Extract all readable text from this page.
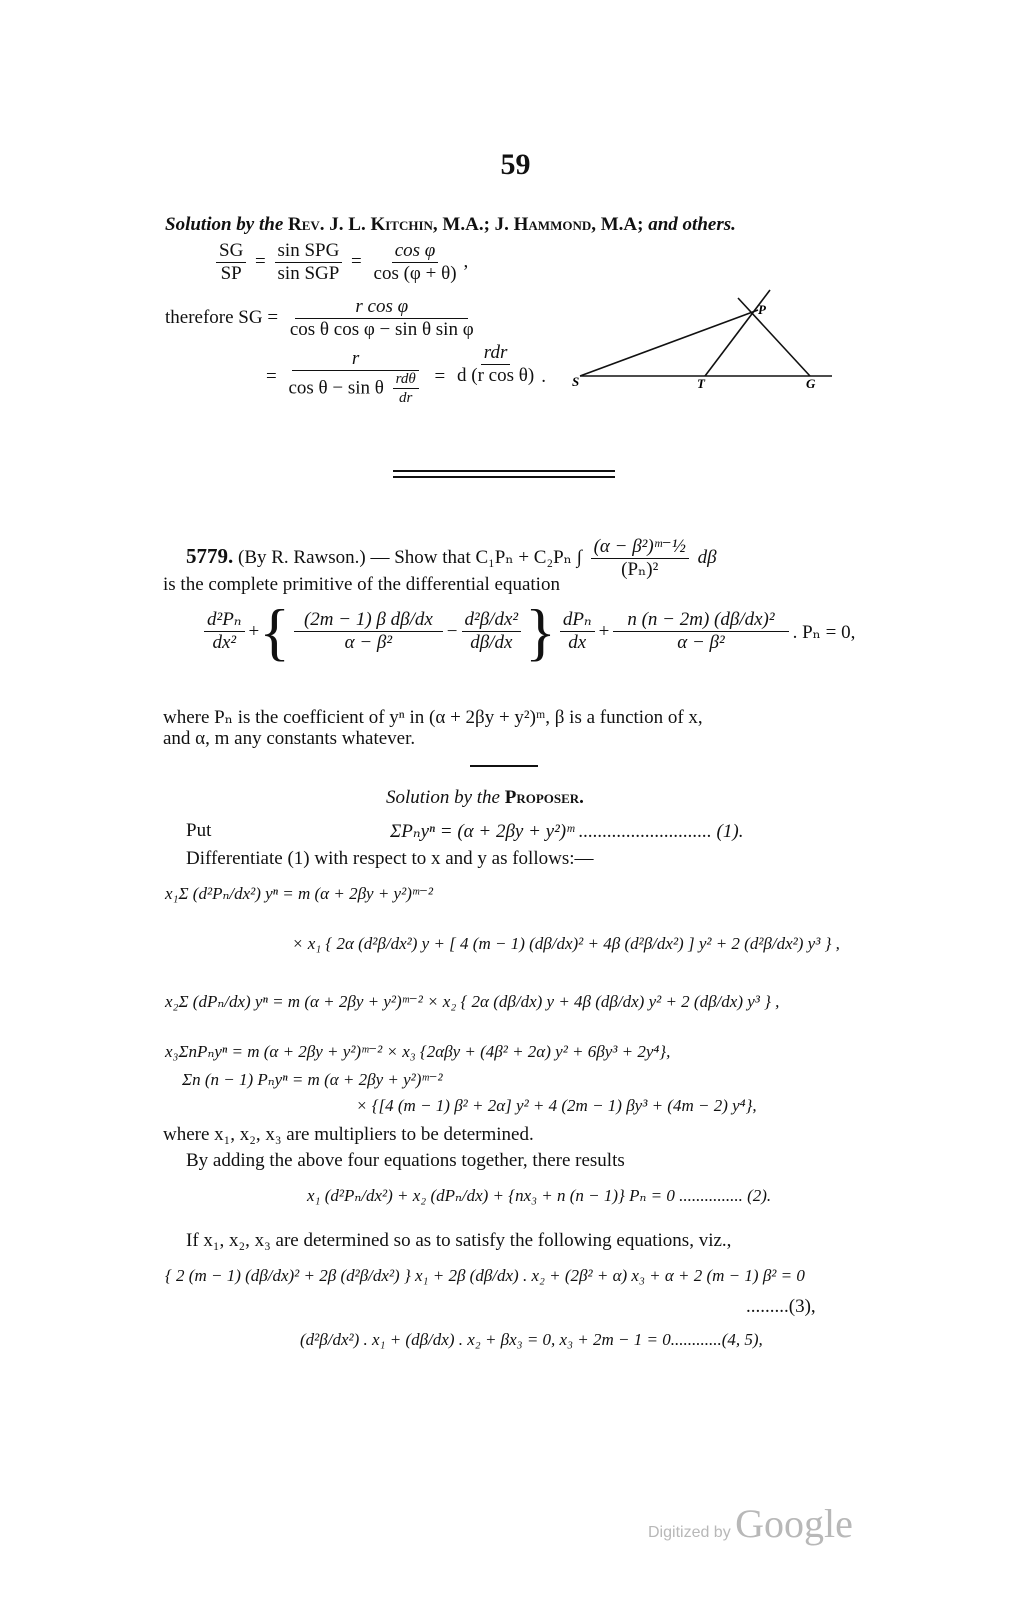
59
Solution by the Rev. J. L. Kitchin, M.A.; J. Hammond, M.A; and others.
$\frac{SG}{SP} = \frac{\text{sin SPG}}{\text{sin SGP}} = \frac{\text{cos φ}}{\cos (\varphi + \theta)}$ ,
therefore SG = $\frac{\text{r cos φ}}{\text{cos θ cos φ − sin θ sin φ}}$
= $\frac{r}{\cos \theta - \sin \theta \frac{\text{rdθ}}{dr}} = \frac{\text{rdr}}{\text{d (r cos θ)}}$ . S	T	G
P
5779. (By R. Rawson.) — Show that C₁Pₙ + C₂Pₙ ∫ $\frac{\text{(α − β²)ᵐ⁻½}}{\text{(Pₙ)²}}$ dβ
is the complete primitive of the differential equation
$\frac{\text{d²Pₙ}}{\text{dx²}}$ + { $\frac{\text{(2m − 1) β dβ/dx}}{\text{α − β²}} - \frac{\text{d²β/dx²}}{d\beta/dx}$ } $\frac{\text{dPₙ}}{dx} + \frac{\text{n (n − 2m) (dβ/dx)²}}{\text{α − β²}}$ . Pₙ = 0,
where Pₙ is the coefficient of yⁿ in (α + 2βy + y²)ᵐ, β is a function of x,
and α, m any constants whatever.
Solution by the Proposer.
Put	ΣPₙyⁿ = (α + 2βy + y²)ᵐ ............................ (1).
Differentiate (1) with respect to x and y as follows:—
x₁Σ (d²Pₙ/dx²) yⁿ = m (α + 2βy + y²)ᵐ⁻²
× x₁ { 2α (d²β/dx²) y + [ 4 (m − 1) (dβ/dx)² + 4β (d²β/dx²) ] y² + 2 (d²β/dx²) y³ } ,
x₂Σ (dPₙ/dx) yⁿ = m (α + 2βy + y²)ᵐ⁻² × x₂ { 2α (dβ/dx) y + 4β (dβ/dx) y² + 2 (dβ/dx) y³ } ,
x₃ΣnPₙyⁿ = m (α + 2βy + y²)ᵐ⁻² × x₃ {2αβy + (4β² + 2α) y² + 6βy³ + 2y⁴},
Σn (n − 1) Pₙyⁿ = m (α + 2βy + y²)ᵐ⁻²
× {[4 (m − 1) β² + 2α] y² + 4 (2m − 1) βy³ + (4m − 2) y⁴},
where x₁, x₂, x₃ are multipliers to be determined.
By adding the above four equations together, there results
x₁ (d²Pₙ/dx²) + x₂ (dPₙ/dx) + {nx₃ + n (n − 1)} Pₙ = 0 ............... (2).
If x₁, x₂, x₃ are determined so as to satisfy the following equations, viz.,
{ 2 (m − 1) (dβ/dx)² + 2β (d²β/dx²) } x₁ + 2β (dβ/dx) . x₂ + (2β² + α) x₃ + α + 2 (m − 1) β² = 0
.........(3),
(d²β/dx²) . x₁ + (dβ/dx) . x₂ + βx₃ = 0, x₃ + 2m − 1 = 0............(4, 5),
Digitized by Google
